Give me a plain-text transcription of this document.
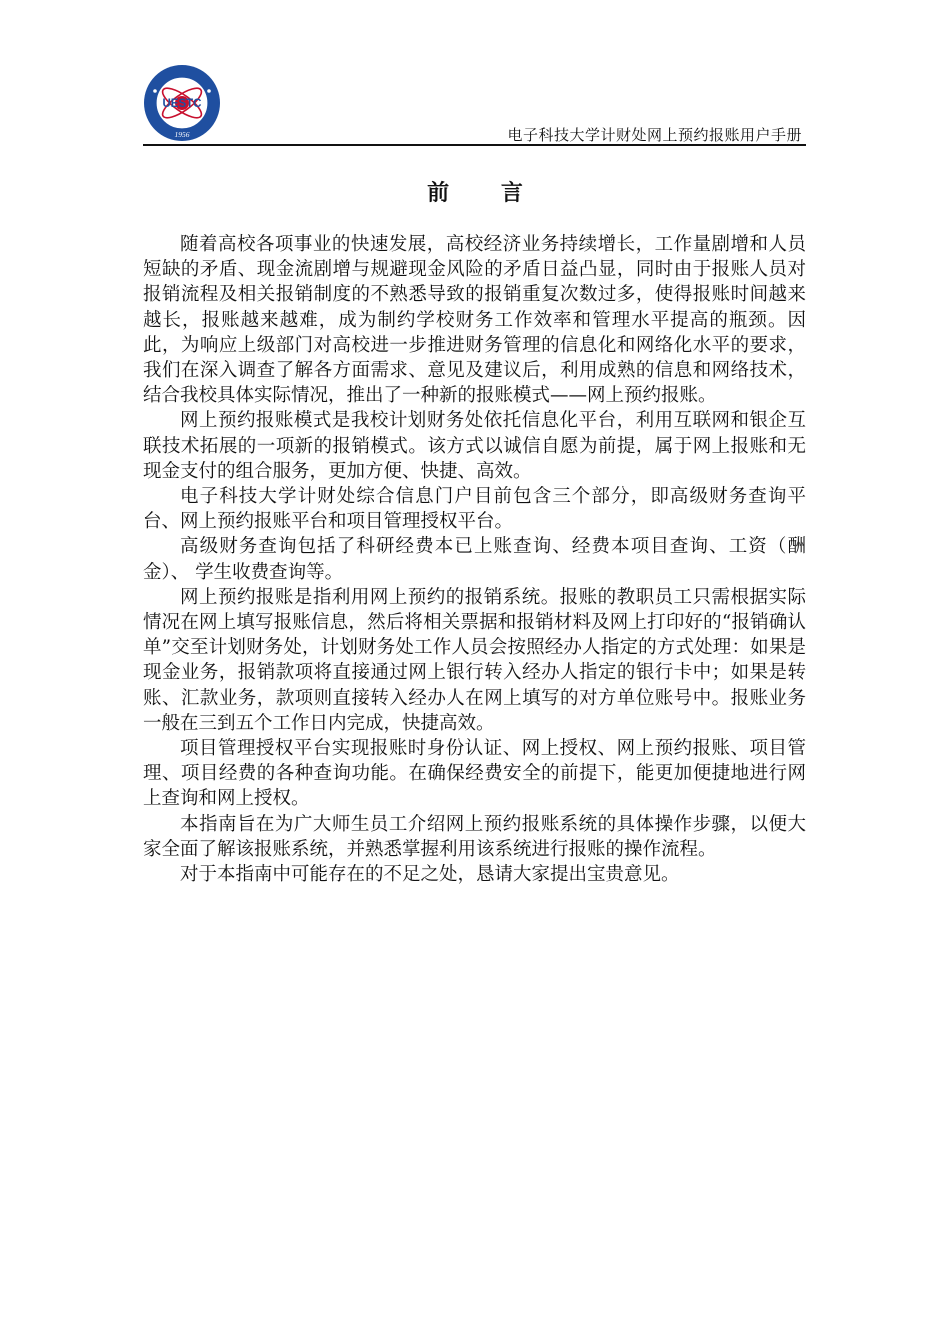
UESTC
1956	电子科技大学计财处网上预约报账用户手册
前 言

随着高校各项事业的快速发展，高校经济业务持续增长，工作量剧增和人员短缺的矛盾、现金流剧增与规避现金风险的矛盾日益凸显，同时由于报账人员对报销流程及相关报销制度的不熟悉导致的报销重复次数过多，使得报账时间越来越长，报账越来越难，成为制约学校财务工作效率和管理水平提高的瓶颈。因此，为响应上级部门对高校进一步推进财务管理的信息化和网络化水平的要求，我们在深入调查了解各方面需求、意见及建议后，利用成熟的信息和网络技术，结合我校具体实际情况，推出了一种新的报账模式——网上预约报账。

网上预约报账模式是我校计划财务处依托信息化平台，利用互联网和银企互联技术拓展的一项新的报销模式。该方式以诚信自愿为前提，属于网上报账和无现金支付的组合服务，更加方便、快捷、高效。

电子科技大学计财处综合信息门户目前包含三个部分，即高级财务查询平台、网上预约报账平台和项目管理授权平台。

高级财务查询包括了科研经费本已上账查询、经费本项目查询、工资（酬金）、 学生收费查询等。

网上预约报账是指利用网上预约的报销系统。报账的教职员工只需根据实际情况在网上填写报账信息，然后将相关票据和报销材料及网上打印好的“报销确认单”交至计划财务处，计划财务处工作人员会按照经办人指定的方式处理：如果是现金业务，报销款项将直接通过网上银行转入经办人指定的银行卡中；如果是转账、汇款业务，款项则直接转入经办人在网上填写的对方单位账号中。报账业务一般在三到五个工作日内完成，快捷高效。

项目管理授权平台实现报账时身份认证、网上授权、网上预约报账、项目管理、项目经费的各种查询功能。在确保经费安全的前提下，能更加便捷地进行网上查询和网上授权。

本指南旨在为广大师生员工介绍网上预约报账系统的具体操作步骤，以便大家全面了解该报账系统，并熟悉掌握利用该系统进行报账的操作流程。

对于本指南中可能存在的不足之处，恳请大家提出宝贵意见。
